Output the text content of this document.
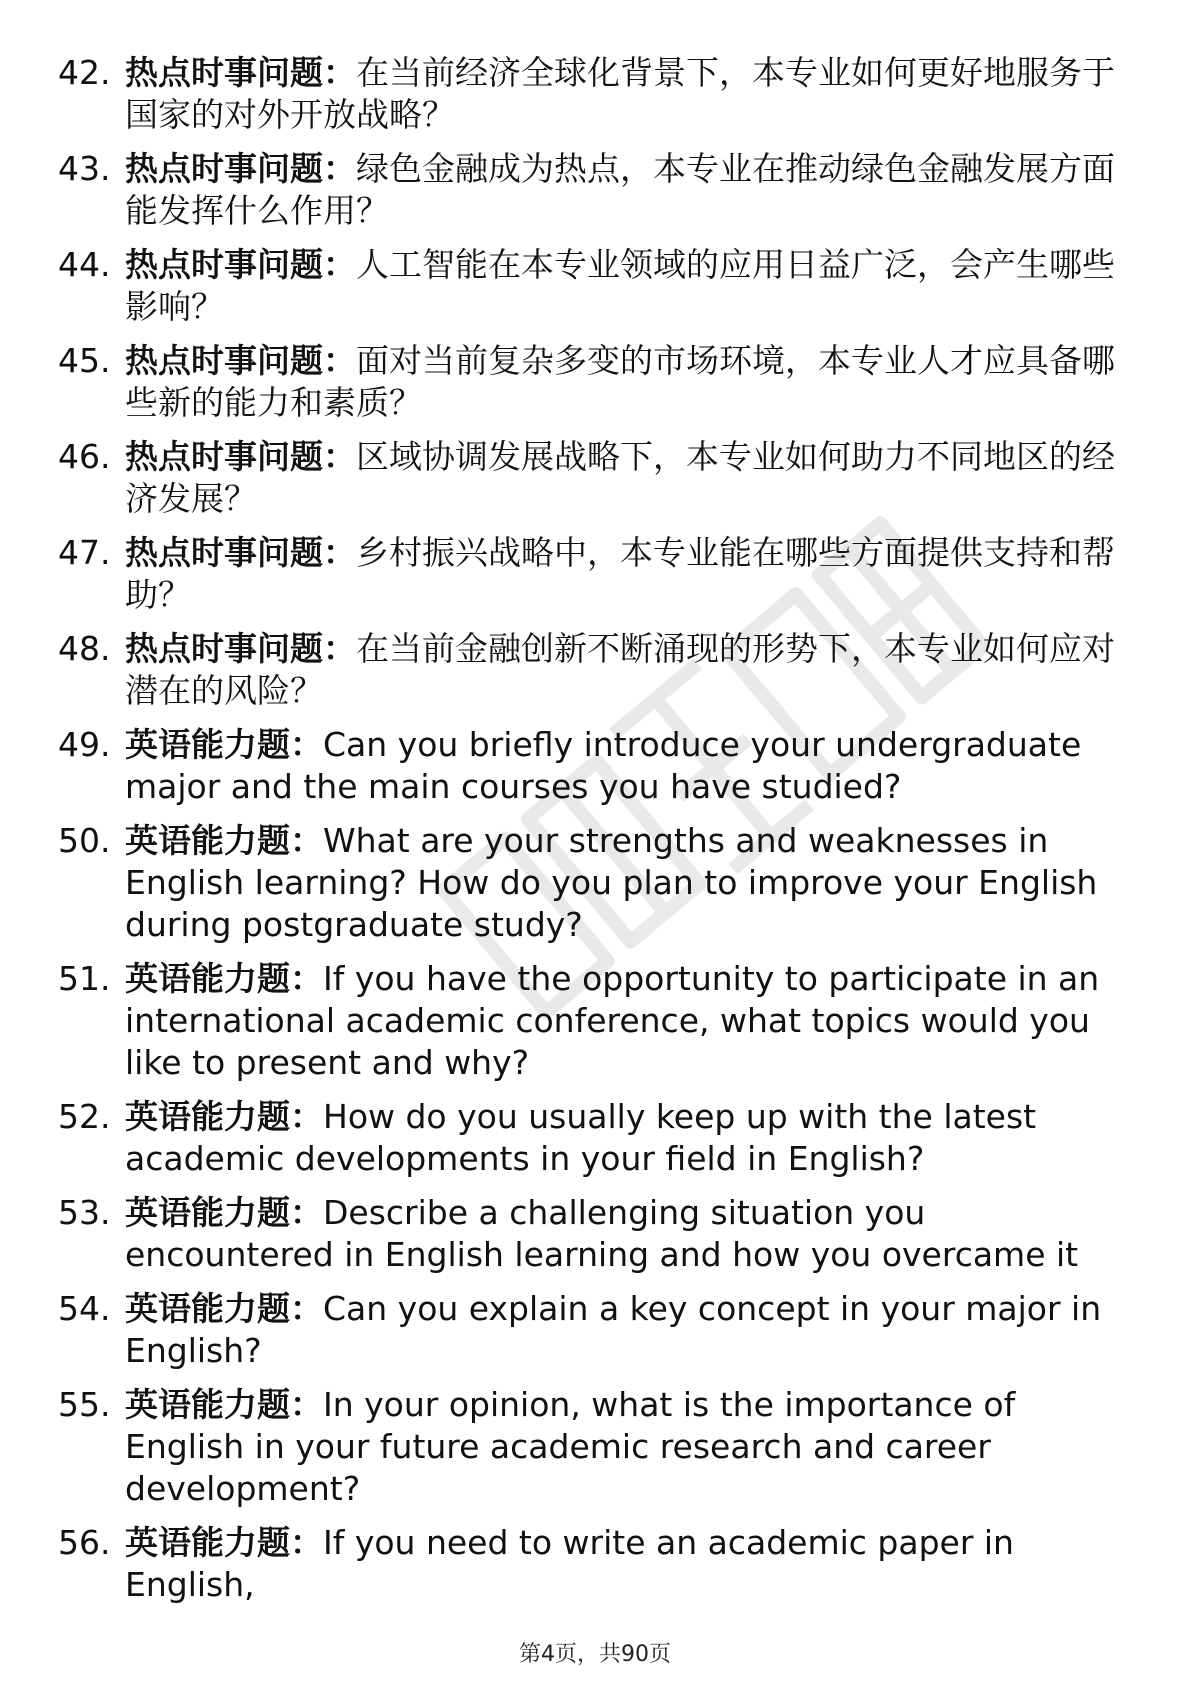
42. 热点时事问题：在当前经济全球化背景下，本专业如何更好地服务于国家的对外开放战略？
43. 热点时事问题：绿色金融成为热点，本专业在推动绿色金融发展方面能发挥什么作用？
44. 热点时事问题：人工智能在本专业领域的应用日益广泛，会产生哪些影响？
45. 热点时事问题：面对当前复杂多变的市场环境，本专业人才应具备哪些新的能力和素质？
46. 热点时事问题：区域协调发展战略下，本专业如何助力不同地区的经济发展？
47. 热点时事问题：乡村振兴战略中，本专业能在哪些方面提供支持和帮助？
48. 热点时事问题：在当前金融创新不断涌现的形势下，本专业如何应对潜在的风险？
49. 英语能力题：Can you briefly introduce your undergraduate major and the main courses you have studied?
50. 英语能力题：What are your strengths and weaknesses in English learning? How do you plan to improve your English during postgraduate study?
51. 英语能力题：If you have the opportunity to participate in an international academic conference, what topics would you like to present and why?
52. 英语能力题：How do you usually keep up with the latest academic developments in your field in English?
53. 英语能力题：Describe a challenging situation you encountered in English learning and how you overcame it
54. 英语能力题：Can you explain a key concept in your major in English?
55. 英语能力题：In your opinion, what is the importance of English in your future academic research and career development?
56. 英语能力题：If you need to write an academic paper in English,
第4页，共90页
